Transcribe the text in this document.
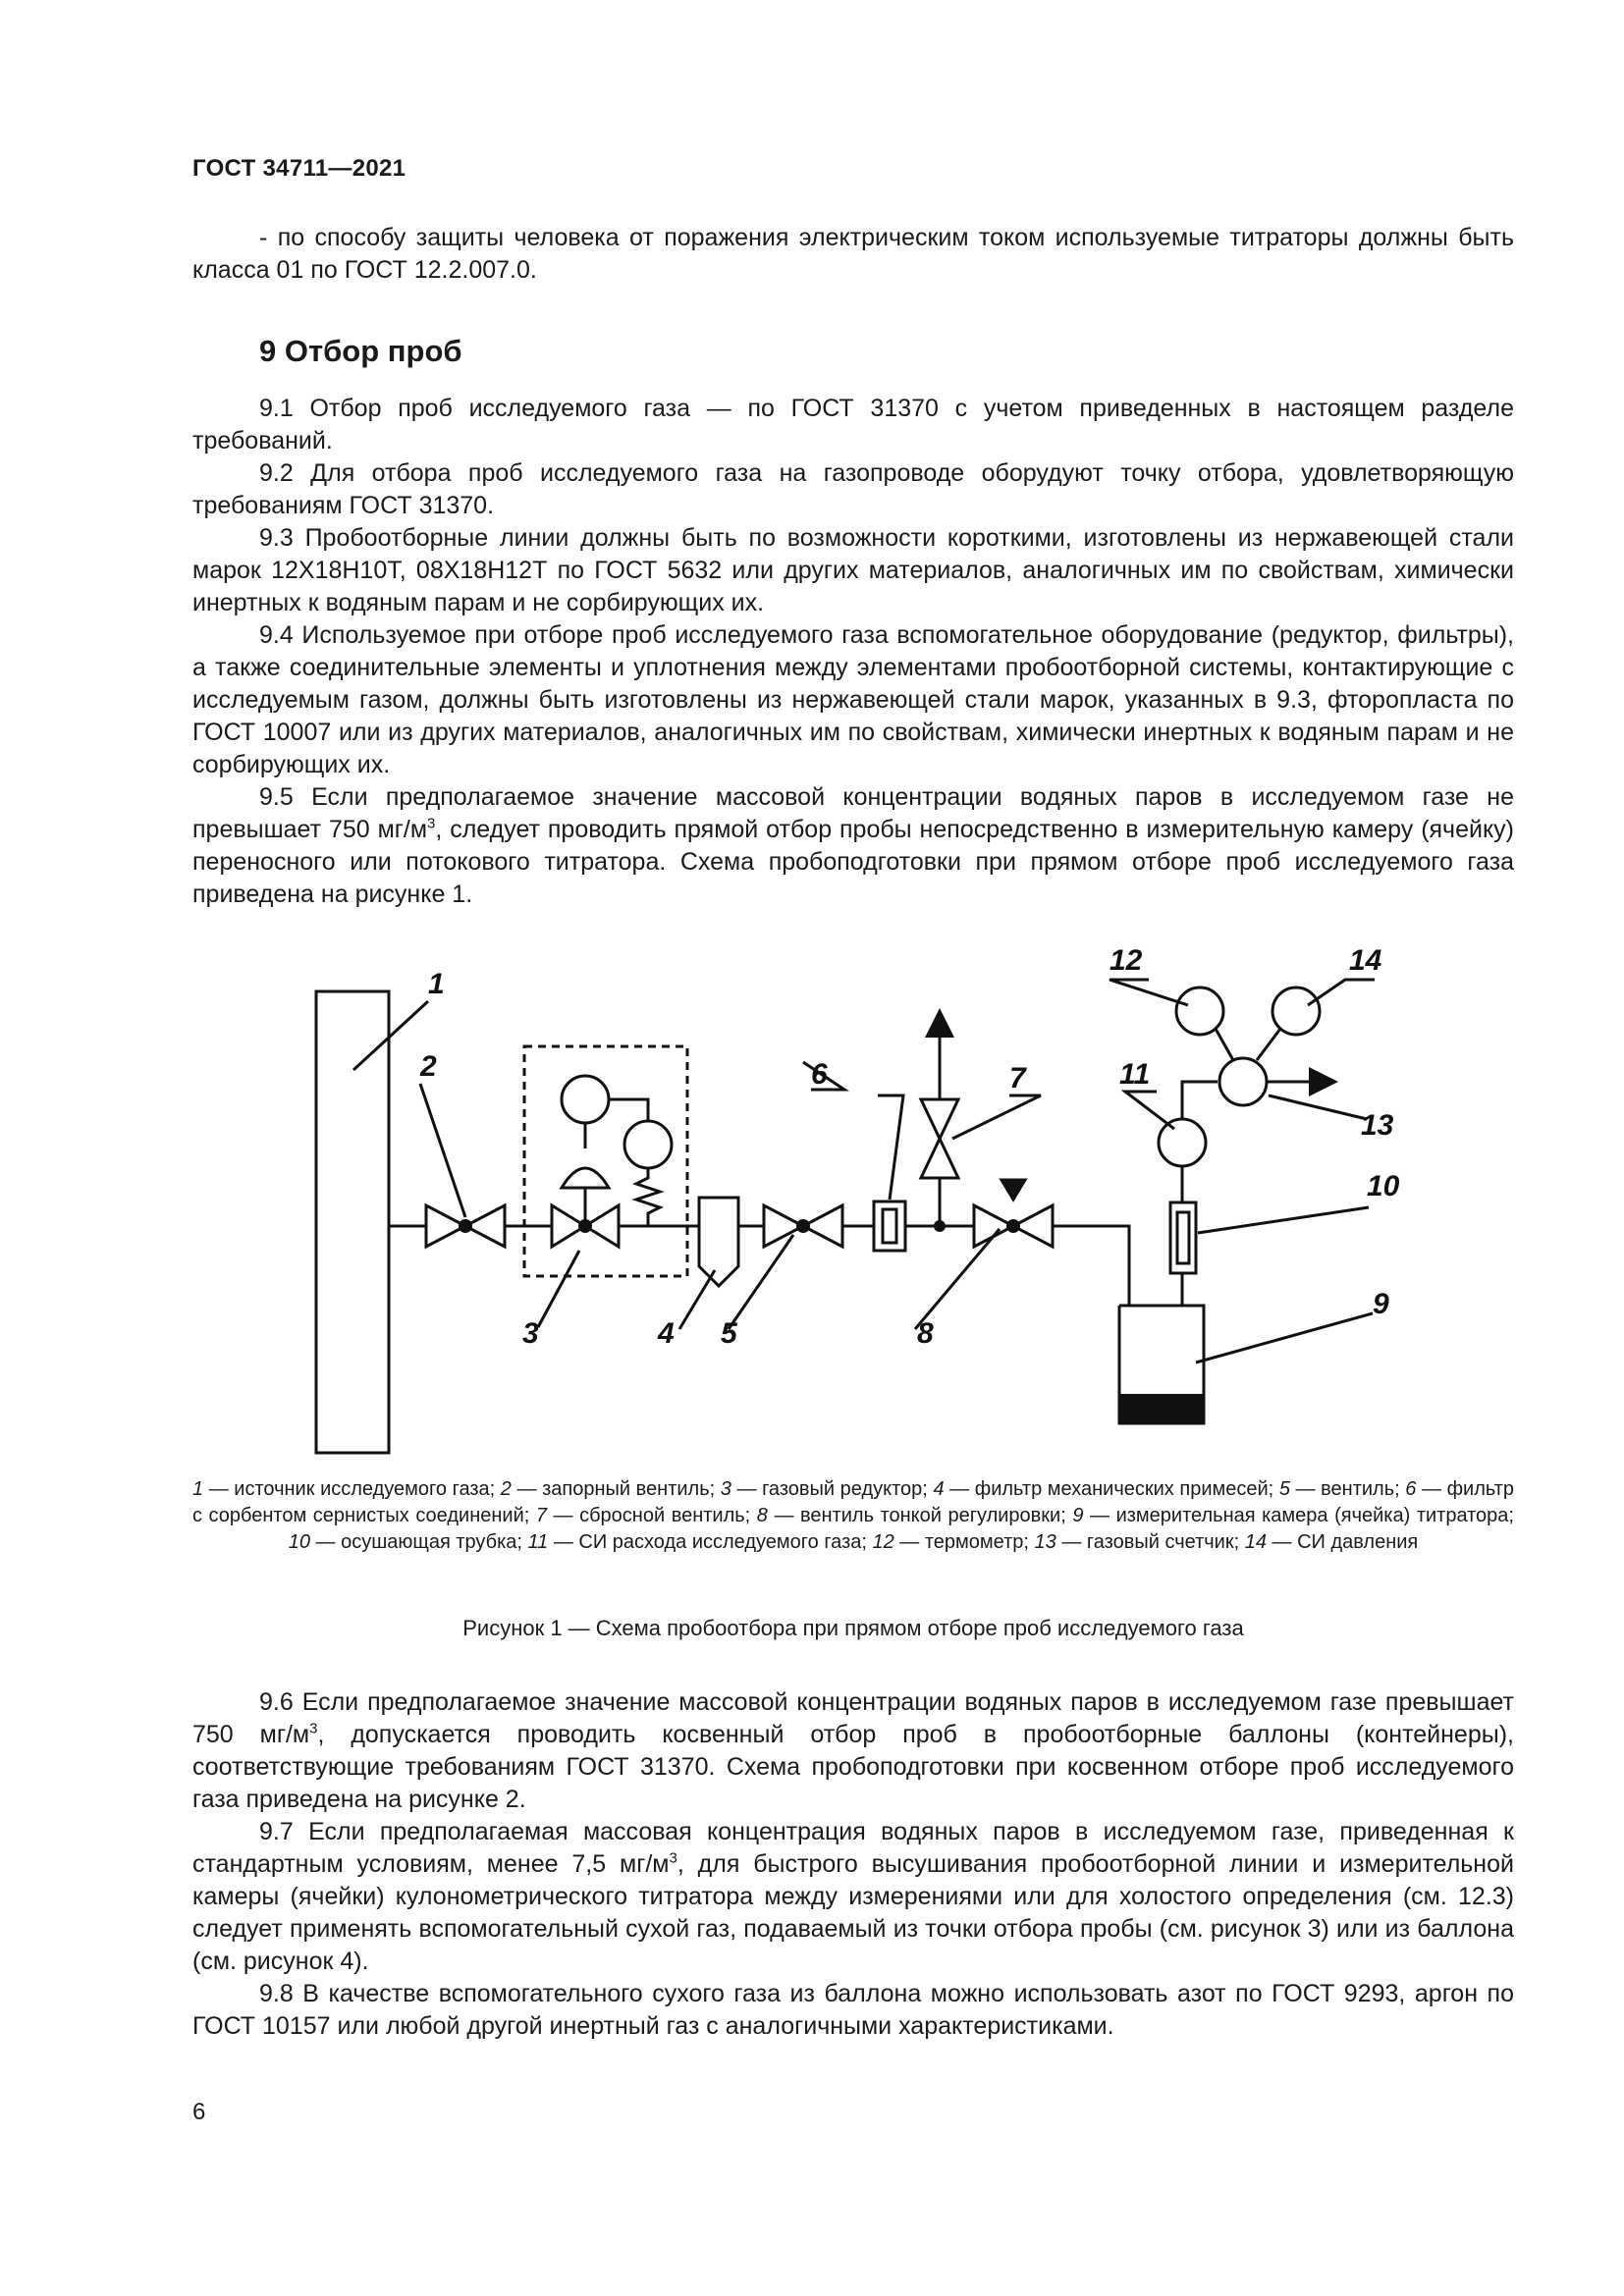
ГОСТ 34711—2021

- по способу защиты человека от поражения электрическим током используемые титраторы должны быть класса 01 по ГОСТ 12.2.007.0.

9 Отбор проб

9.1 Отбор проб исследуемого газа — по ГОСТ 31370 с учетом приведенных в настоящем разделе требований.

9.2 Для отбора проб исследуемого газа на газопроводе оборудуют точку отбора, удовлетворяющую требованиям ГОСТ 31370.

9.3 Пробоотборные линии должны быть по возможности короткими, изготовлены из нержавеющей стали марок 12Х18Н10Т, 08Х18Н12Т по ГОСТ 5632 или других материалов, аналогичных им по свойствам, химически инертных к водяным парам и не сорбирующих их.

9.4 Используемое при отборе проб исследуемого газа вспомогательное оборудование (редуктор, фильтры), а также соединительные элементы и уплотнения между элементами пробоотборной системы, контактирующие с исследуемым газом, должны быть изготовлены из нержавеющей стали марок, указанных в 9.3, фторопласта по ГОСТ 10007 или из других материалов, аналогичных им по свойствам, химически инертных к водяным парам и не сорбирующих их.

9.5 Если предполагаемое значение массовой концентрации водяных паров в исследуемом газе не превышает 750 $мг/м^3$, следует проводить прямой отбор пробы непосредственно в измерительную камеру (ячейку) переносного или потокового титратора. Схема пробоподготовки при прямом отборе проб исследуемого газа приведена на рисунке 1.

1
2
3	4 5
6	7
8
9
10
11
12
13
14
1 — источник исследуемого газа; 2 — запорный вентиль; 3 — газовый редуктор; 4 — фильтр механических примесей; 5 — вентиль; 6 — фильтр с сорбентом сернистых соединений; 7 — сбросной вентиль; 8 — вентиль тонкой регулировки; 9 — измерительная камера (ячейка) титратора; 10 — осушающая трубка; 11 — СИ расхода исследуемого газа; 12 — термометр; 13 — газовый счетчик; 14 — СИ давления
Рисунок 1 — Схема пробоотбора при прямом отборе проб исследуемого газа

9.6 Если предполагаемое значение массовой концентрации водяных паров в исследуемом газе превышает 750 $мг/м^3$, допускается проводить косвенный отбор проб в пробоотборные баллоны (контейнеры), соответствующие требованиям ГОСТ 31370. Схема пробоподготовки при косвенном отборе проб исследуемого газа приведена на рисунке 2.

9.7 Если предполагаемая массовая концентрация водяных паров в исследуемом газе, приведенная к стандартным условиям, менее 7,5 $мг/м^3$, для быстрого высушивания пробоотборной линии и измерительной камеры (ячейки) кулонометрического титратора между измерениями или для холостого определения (см. 12.3) следует применять вспомогательный сухой газ, подаваемый из точки отбора пробы (см. рисунок 3) или из баллона (см. рисунок 4).

9.8 В качестве вспомогательного сухого газа из баллона можно использовать азот по ГОСТ 9293, аргон по ГОСТ 10157 или любой другой инертный газ с аналогичными характеристиками.

6
